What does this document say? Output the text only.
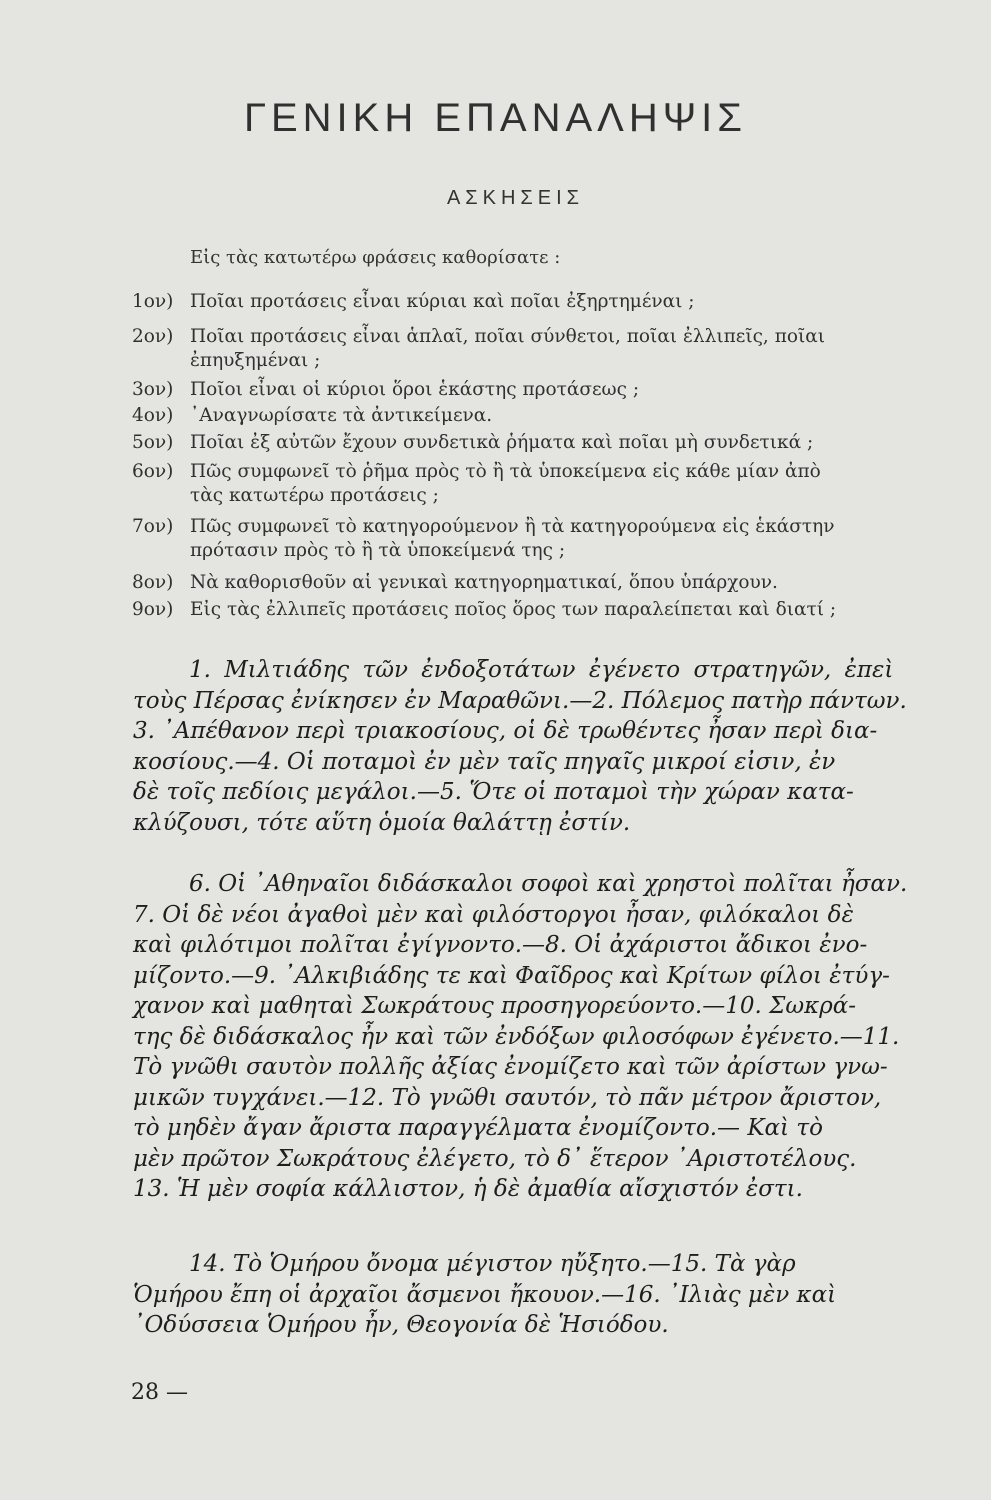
ΓΕΝΙΚΗ ΕΠΑΝΑΛΗΨΙΣ
ΑΣΚΗΣΕΙΣ
Εἰς τὰς κατωτέρω φράσεις καθορίσατε :
1ον) Ποῖαι προτάσεις εἶναι κύριαι καὶ ποῖαι ἐξηρτημέναι ;
2ον) Ποῖαι προτάσεις εἶναι ἁπλαῖ, ποῖαι σύνθετοι, ποῖαι ἐλλιπεῖς, ποῖαι
ἐπηυξημέναι ;
3ον) Ποῖοι εἶναι οἱ κύριοι ὅροι ἑκάστης προτάσεως ;
4ον) ᾿Αναγνωρίσατε τὰ ἀντικείμενα.
5ον) Ποῖαι ἐξ αὐτῶν ἔχουν συνδετικὰ ῥήματα καὶ ποῖαι μὴ συνδετικά ;
6ον) Πῶς συμφωνεῖ τὸ ῥῆμα πρὸς τὸ ἢ τὰ ὑποκείμενα εἰς κάθε μίαν ἀπὸ
τὰς κατωτέρω προτάσεις ;
7ον) Πῶς συμφωνεῖ τὸ κατηγορούμενον ἢ τὰ κατηγορούμενα εἰς ἑκάστην
πρότασιν πρὸς τὸ ἢ τὰ ὑποκείμενά της ;
8ον) Νὰ καθορισθοῦν αἱ γενικαὶ κατηγορηματικαί, ὅπου ὑπάρχουν.
9ον) Εἰς τὰς ἐλλιπεῖς προτάσεις ποῖος ὅρος των παραλείπεται καὶ διατί ;
1. Μιλτιάδης τῶν ἐνδοξοτάτων ἐγένετο στρατηγῶν, ἐπεὶ
τοὺς Πέρσας ἐνίκησεν ἐν Μαραθῶνι.—2. Πόλεμος πατὴρ πάντων.
3. ᾿Απέθανον περὶ τριακοσίους, οἱ δὲ τρωθέντες ἦσαν περὶ δια-
κοσίους.—4. Οἱ ποταμοὶ ἐν μὲν ταῖς πηγαῖς μικροί εἰσιν, ἐν
δὲ τοῖς πεδίοις μεγάλοι.—5. Ὅτε οἱ ποταμοὶ τὴν χώραν κατα-
κλύζουσι, τότε αὕτη ὁμοία θαλάττῃ ἐστίν.
6. Οἱ ᾿Αθηναῖοι διδάσκαλοι σοφοὶ καὶ χρηστοὶ πολῖται ἦσαν.
7. Οἱ δὲ νέοι ἀγαθοὶ μὲν καὶ φιλόστοργοι ἦσαν, φιλόκαλοι δὲ
καὶ φιλότιμοι πολῖται ἐγίγνοντο.—8. Οἱ ἀχάριστοι ἄδικοι ἐνο-
μίζοντο.—9. ᾿Αλκιβιάδης τε καὶ Φαῖδρος καὶ Κρίτων φίλοι ἐτύγ-
χανον καὶ μαθηταὶ Σωκράτους προσηγορεύοντο.—10. Σωκρά-
της δὲ διδάσκαλος ἦν καὶ τῶν ἐνδόξων φιλοσόφων ἐγένετο.—11.
Τὸ γνῶθι σαυτὸν πολλῆς ἀξίας ἐνομίζετο καὶ τῶν ἀρίστων γνω-
μικῶν τυγχάνει.—12. Τὸ γνῶθι σαυτόν, τὸ πᾶν μέτρον ἄριστον,
τὸ μηδὲν ἄγαν ἄριστα παραγγέλματα ἐνομίζοντο.— Καὶ τὸ
μὲν πρῶτον Σωκράτους ἐλέγετο, τὸ δ᾿ ἕτερον ᾿Αριστοτέλους.
13. Ἡ μὲν σοφία κάλλιστον, ἡ δὲ ἀμαθία αἴσχιστόν ἐστι.
14. Τὸ Ὁμήρου ὄνομα μέγιστον ηὔξητο.—15. Τὰ γὰρ
Ὁμήρου ἔπη οἱ ἀρχαῖοι ἄσμενοι ἤκουον.—16. ᾿Ιλιὰς μὲν καὶ
᾿Οδύσσεια Ὁμήρου ἦν, Θεογονία δὲ Ἡσιόδου.
28 —
